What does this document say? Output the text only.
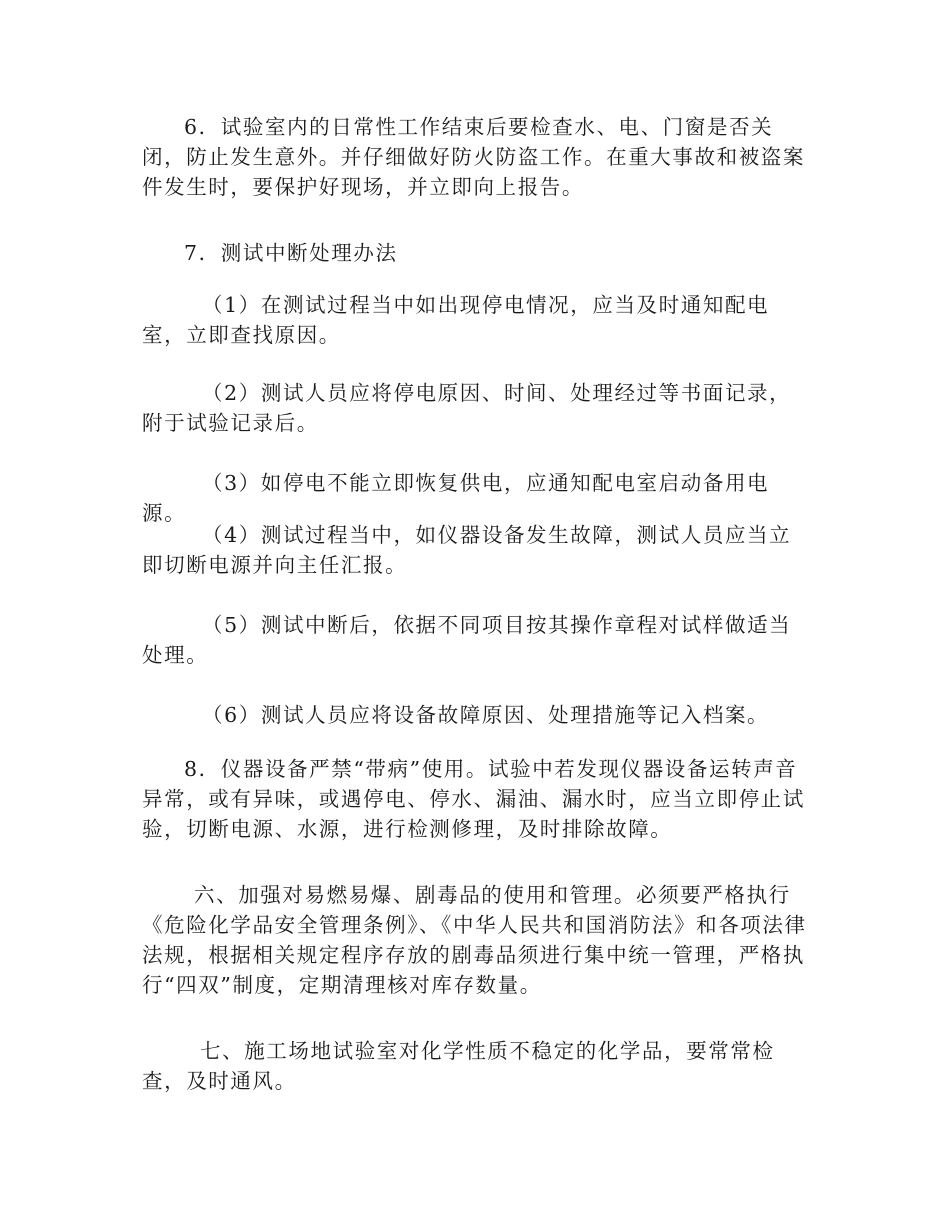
6．试验室内的日常性工作结束后要检查水、电、门窗是否关闭，防止发生意外。并仔细做好防火防盗工作。在重大事故和被盗案件发生时，要保护好现场，并立即向上报告。

7．测试中断处理办法

（1）在测试过程当中如出现停电情况，应当及时通知配电室，立即查找原因。

（2）测试人员应将停电原因、时间、处理经过等书面记录，附于试验记录后。

（3）如停电不能立即恢复供电，应通知配电室启动备用电源。

（4）测试过程当中，如仪器设备发生故障，测试人员应当立即切断电源并向主任汇报。

（5）测试中断后，依据不同项目按其操作章程对试样做适当处理。

（6）测试人员应将设备故障原因、处理措施等记入档案。

8．仪器设备严禁“带病”使用。试验中若发现仪器设备运转声音异常，或有异味，或遇停电、停水、漏油、漏水时，应当立即停止试验，切断电源、水源，进行检测修理，及时排除故障。

六、加强对易燃易爆、剧毒品的使用和管理。必须要严格执行《危险化学品安全管理条例》、《中华人民共和国消防法》和各项法律法规，根据相关规定程序存放的剧毒品须进行集中统一管理，严格执行“四双”制度，定期清理核对库存数量。

七、施工场地试验室对化学性质不稳定的化学品，要常常检查，及时通风。
